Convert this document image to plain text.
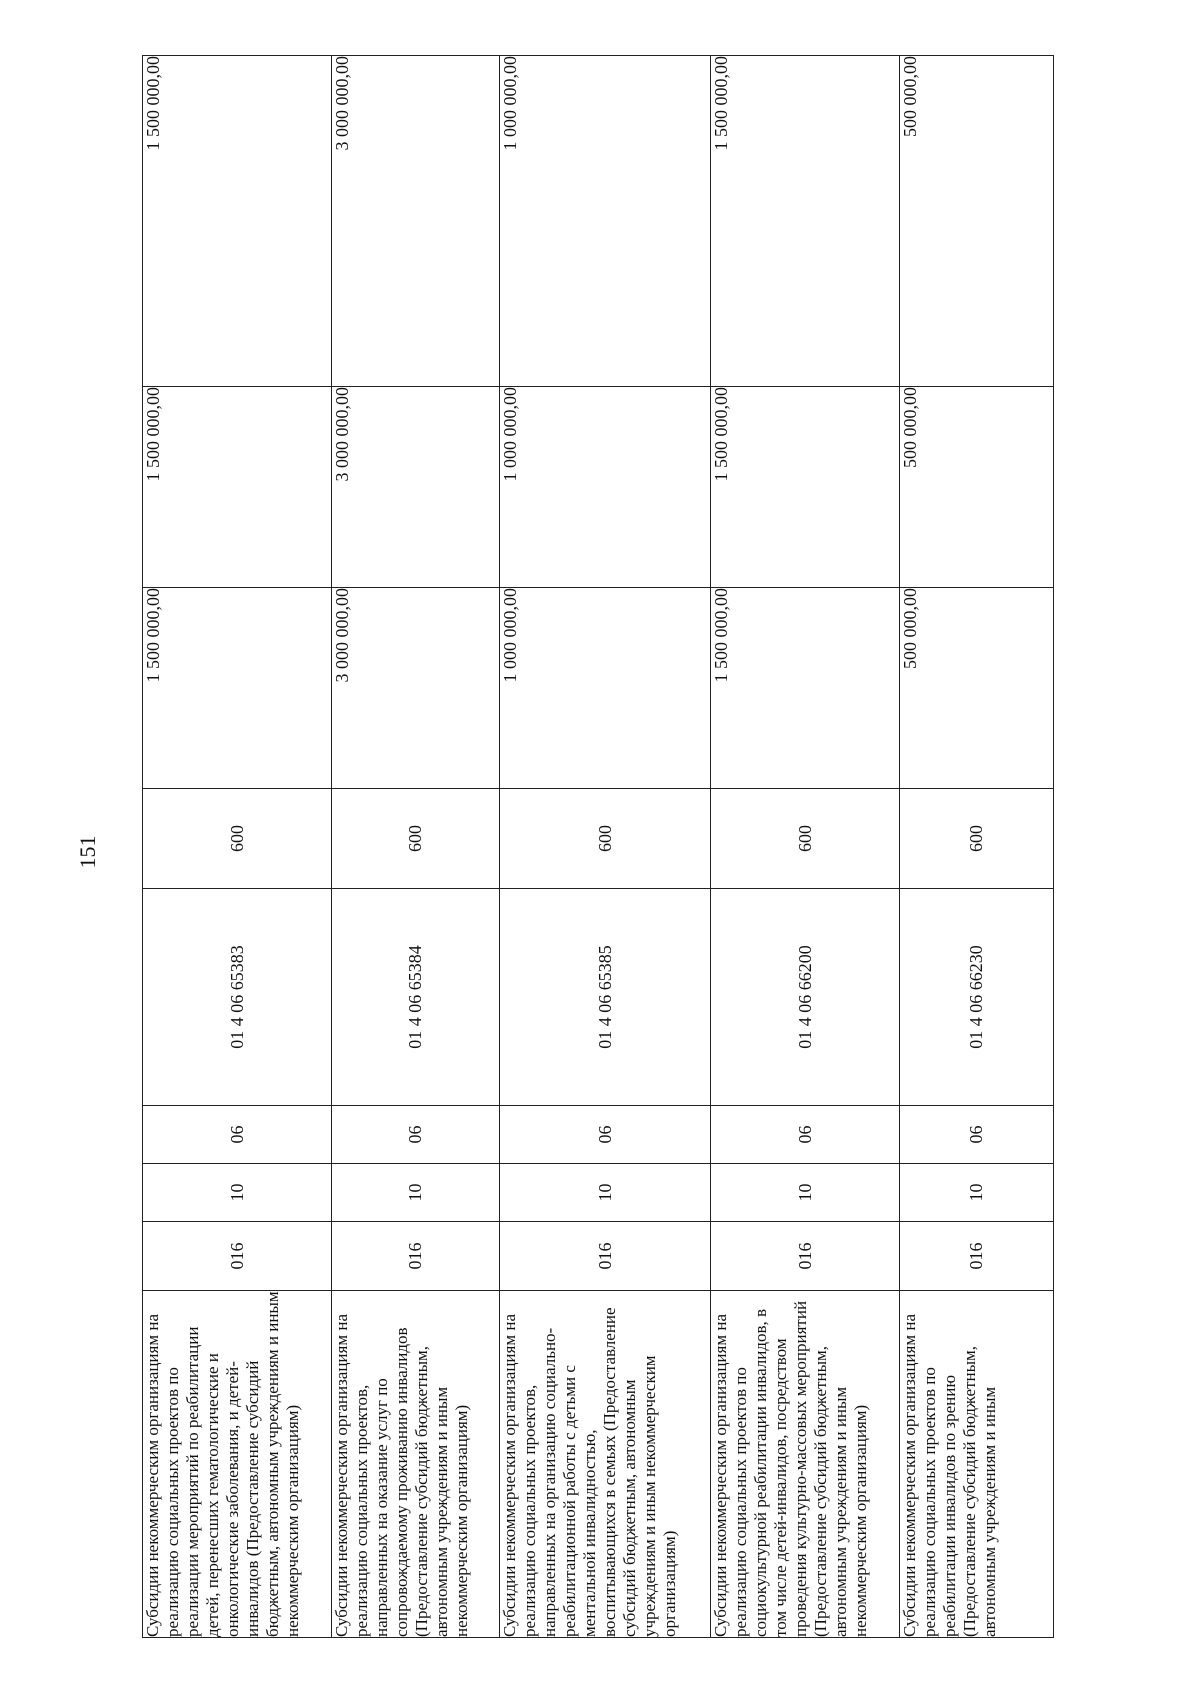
151
Субсидии некоммерческим организациям на реализацию социальных проектов по реализации мероприятий по реабилитации детей, перенесших гематологические и онкологические заболевания, и детей-инвалидов (Предоставление субсидий бюджетным, автономным учреждениям и иным некоммерческим организациям)	016	10	06	01 4 06 65383	600	1 500 000,00	1 500 000,00	1 500 000,00
Субсидии некоммерческим организациям на реализацию социальных проектов, направленных на оказание услуг по сопровождаемому проживанию инвалидов (Предоставление субсидий бюджетным, автономным учреждениям и иным некоммерческим организациям)	016	10	06	01 4 06 65384	600	3 000 000,00	3 000 000,00	3 000 000,00
Субсидии некоммерческим организациям на реализацию социальных проектов, направленных на организацию социально-реабилитационной работы с детьми с ментальной инвалидностью, воспитывающихся в семьях (Предоставление субсидий бюджетным, автономным учреждениям и иным некоммерческим организациям)	016	10	06	01 4 06 65385	600	1 000 000,00	1 000 000,00	1 000 000,00
Субсидии некоммерческим организациям на реализацию социальных проектов по социокультурной реабилитации инвалидов, в том числе детей-инвалидов, посредством проведения культурно-массовых мероприятий (Предоставление субсидий бюджетным, автономным учреждениям и иным некоммерческим организациям)	016	10	06	01 4 06 66200	600	1 500 000,00	1 500 000,00	1 500 000,00
Субсидии некоммерческим организациям на реализацию социальных проектов по реабилитации инвалидов по зрению (Предоставление субсидий бюджетным, автономным учреждениям и иным	016	10	06	01 4 06 66230	600	500 000,00	500 000,00	500 000,00
